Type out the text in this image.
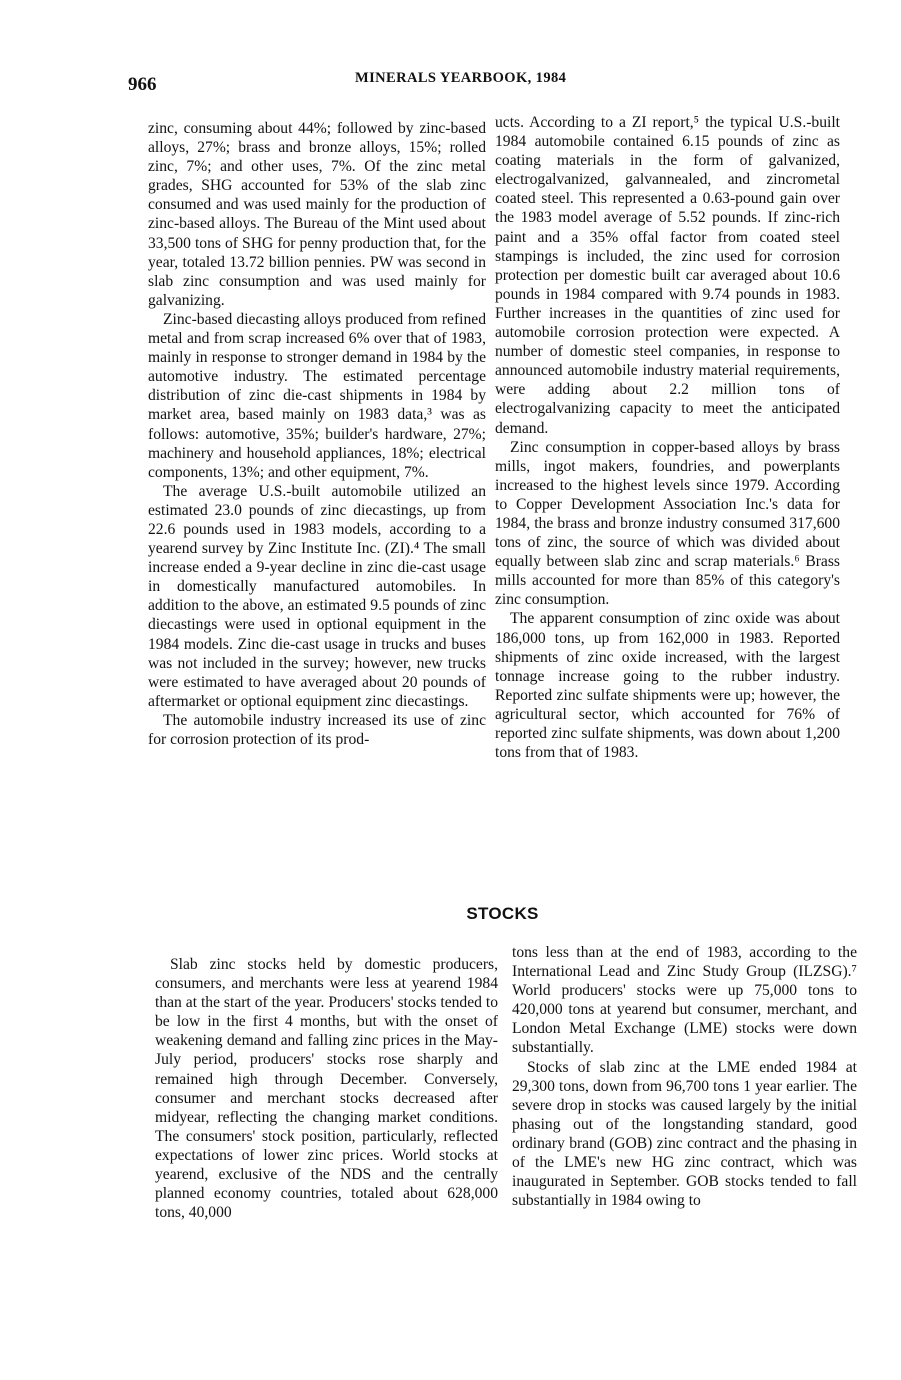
966	MINERALS YEARBOOK, 1984

zinc, consuming about 44%; followed by zinc-based alloys, 27%; brass and bronze alloys, 15%; rolled zinc, 7%; and other uses, 7%. Of the zinc metal grades, SHG accounted for 53% of the slab zinc consumed and was used mainly for the production of zinc-based alloys. The Bureau of the Mint used about 33,500 tons of SHG for penny production that, for the year, totaled 13.72 billion pennies. PW was second in slab zinc consumption and was used mainly for galvanizing.

Zinc-based diecasting alloys produced from refined metal and from scrap increased 6% over that of 1983, mainly in response to stronger demand in 1984 by the automotive industry. The estimated percentage distribution of zinc die-cast shipments in 1984 by market area, based mainly on 1983 data,³ was as follows: automotive, 35%; builder's hardware, 27%; machinery and household appliances, 18%; electrical components, 13%; and other equipment, 7%.

The average U.S.-built automobile utilized an estimated 23.0 pounds of zinc diecastings, up from 22.6 pounds used in 1983 models, according to a yearend survey by Zinc Institute Inc. (ZI).⁴ The small increase ended a 9-year decline in zinc die-cast usage in domestically manufactured automobiles. In addition to the above, an estimated 9.5 pounds of zinc diecastings were used in optional equipment in the 1984 models. Zinc die-cast usage in trucks and buses was not included in the survey; however, new trucks were estimated to have averaged about 20 pounds of aftermarket or optional equipment zinc diecastings.

The automobile industry increased its use of zinc for corrosion protection of its prod-

ucts. According to a ZI report,⁵ the typical U.S.-built 1984 automobile contained 6.15 pounds of zinc as coating materials in the form of galvanized, electrogalvanized, galvannealed, and zincrometal coated steel. This represented a 0.63-pound gain over the 1983 model average of 5.52 pounds. If zinc-rich paint and a 35% offal factor from coated steel stampings is included, the zinc used for corrosion protection per domestic built car averaged about 10.6 pounds in 1984 compared with 9.74 pounds in 1983. Further increases in the quantities of zinc used for automobile corrosion protection were expected. A number of domestic steel companies, in response to announced automobile industry material requirements, were adding about 2.2 million tons of electrogalvanizing capacity to meet the anticipated demand.

Zinc consumption in copper-based alloys by brass mills, ingot makers, foundries, and powerplants increased to the highest levels since 1979. According to Copper Development Association Inc.'s data for 1984, the brass and bronze industry consumed 317,600 tons of zinc, the source of which was divided about equally between slab zinc and scrap materials.⁶ Brass mills accounted for more than 85% of this category's zinc consumption.

The apparent consumption of zinc oxide was about 186,000 tons, up from 162,000 in 1983. Reported shipments of zinc oxide increased, with the largest tonnage increase going to the rubber industry. Reported zinc sulfate shipments were up; however, the agricultural sector, which accounted for 76% of reported zinc sulfate shipments, was down about 1,200 tons from that of 1983.

STOCKS

Slab zinc stocks held by domestic producers, consumers, and merchants were less at yearend 1984 than at the start of the year. Producers' stocks tended to be low in the first 4 months, but with the onset of weakening demand and falling zinc prices in the May-July period, producers' stocks rose sharply and remained high through December. Conversely, consumer and merchant stocks decreased after midyear, reflecting the changing market conditions. The consumers' stock position, particularly, reflected expectations of lower zinc prices. World stocks at yearend, exclusive of the NDS and the centrally planned economy countries, totaled about 628,000 tons, 40,000

tons less than at the end of 1983, according to the International Lead and Zinc Study Group (ILZSG).⁷ World producers' stocks were up 75,000 tons to 420,000 tons at yearend but consumer, merchant, and London Metal Exchange (LME) stocks were down substantially.

Stocks of slab zinc at the LME ended 1984 at 29,300 tons, down from 96,700 tons 1 year earlier. The severe drop in stocks was caused largely by the initial phasing out of the longstanding standard, good ordinary brand (GOB) zinc contract and the phasing in of the LME's new HG zinc contract, which was inaugurated in September. GOB stocks tended to fall substantially in 1984 owing to
